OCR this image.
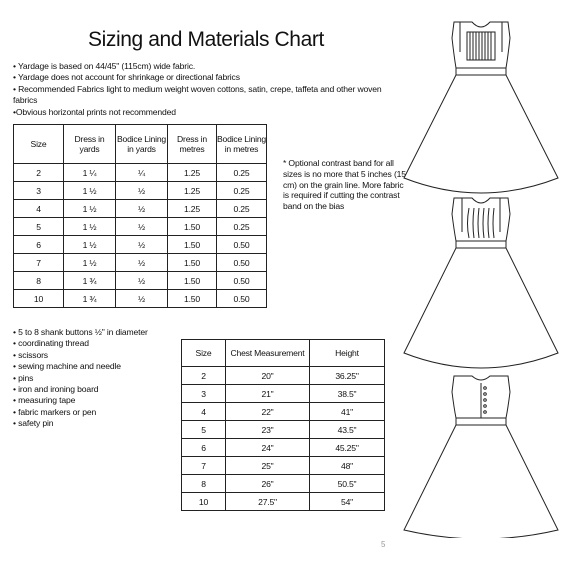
Sizing and Materials Chart
• Yardage is based on 44/45" (115cm) wide fabric.
• Yardage does not account for shrinkage or directional fabrics
• Recommended Fabrics light to medium weight woven cottons, satin, crepe, taffeta and other woven fabrics
•Obvious horizontal prints not recommended
Size	Dress in yards	Bodice Lining in yards	Dress in metres	Bodice Lining in metres
2	1 ¼	¼	1.25	0.25
3	1 ½	½	1.25	0.25
4	1 ½	½	1.25	0.25
5	1 ½	½	1.50	0.25
6	1 ½	½	1.50	0.50
7	1 ½	½	1.50	0.50
8	1 ¾	½	1.50	0.50
10	1 ¾	½	1.50	0.50
* Optional contrast band for all sizes is no more that 5 inches (15 cm) on the grain line. More fabric is required if cutting the contrast band on the bias
• 5 to 8 shank buttons ½" in diameter
• coordinating thread
• scissors
• sewing machine and needle
• pins
• iron and ironing board
• measuring tape
• fabric markers or pen
• safety pin
Size	Chest Measurement	Height
2	20"	36.25"
3	21"	38.5"
4	22"	41"
5	23"	43.5"
6	24"	45.25"
7	25"	48"
8	26"	50.5"
10	27.5"	54"
5
